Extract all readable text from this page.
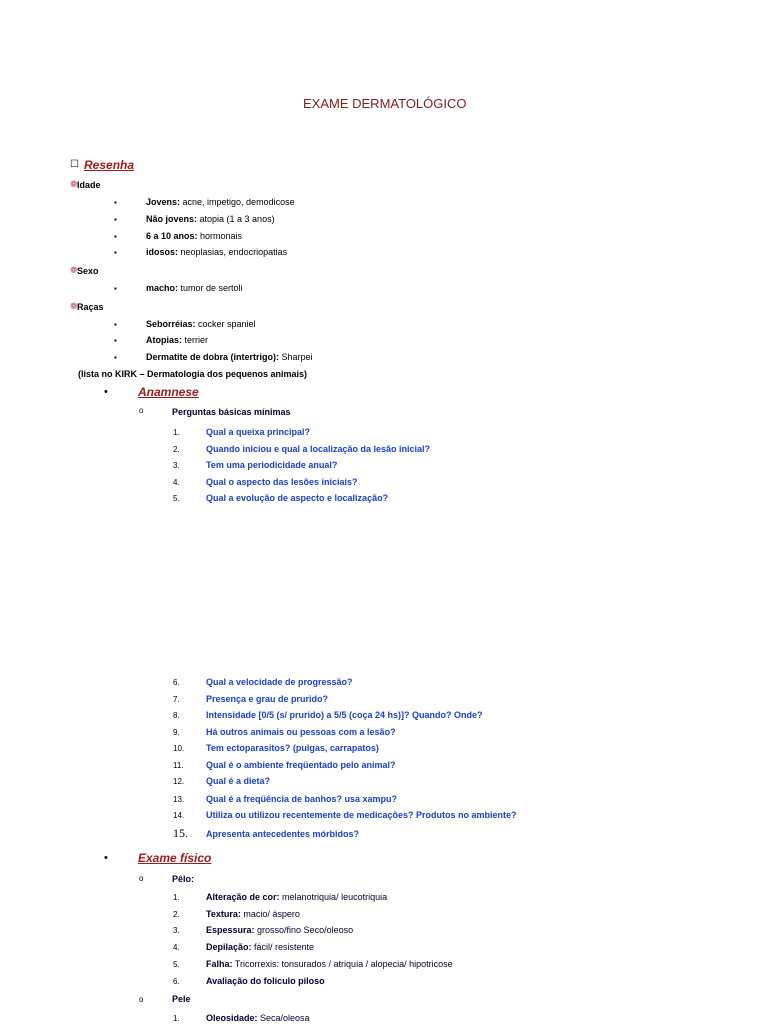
EXAME DERMATOLÓGICO
☐ Resenha
❁ Idade
▪	Jovens: acne, impetigo, demodicose
▪	Não jovens: atopia (1 a 3 anos)
▪	6 a 10 anos: hormonais
▪	idosos: neoplasias, endocriopatias
❁ Sexo
▪	macho: tumor de sertoli
❁ Raças
▪	Seborréias: cocker spaniel
▪	Atopias: terrier
▪	Dermatite de dobra (intertrigo): Sharpei
(lista no KIRK – Dermatologia dos pequenos animais)
•	Anamnese
o	Perguntas básicas mínimas
1.	Qual a queixa principal?
2.	Quando iniciou e qual a localização da lesão inicial?
3.	Tem uma periodicidade anual?
4.	Qual o aspecto das lesões iniciais?
5.	Qual a evolução de aspecto e localização?
6.	Qual a velocidade de progressão?
7.	Presença e grau de prurido?
8.	Intensidade [0/5 (s/ prurido) a 5/5 (coça 24 hs)]? Quando? Onde?
9.	Há outros animais ou pessoas com a lesão?
10. Tem ectoparasitos? (pulgas, carrapatos)
11. Qual é o ambiente freqüentado pelo animal?
12. Qual é a dieta?
13. Qual é a freqüência de banhos? usa xampu?
14. Utiliza ou utilizou recentemente de medicações? Produtos no ambiente?
15. Apresenta antecedentes mórbidos?
•	Exame físico
o	Pêlo:
1.	Alteração de cor: melanotriquia/ leucotriquia
2.	Textura: macio/ áspero
3.	Espessura: grosso/fino Seco/oleoso
4.	Depilação: fácil/ resistente
5.	Falha: Tricorrexis: tonsurados / atriquia / alopecia/ hipotricose
6.	Avaliação do folículo piloso
o	Pele
1.	Oleosidade: Seca/oleosa
